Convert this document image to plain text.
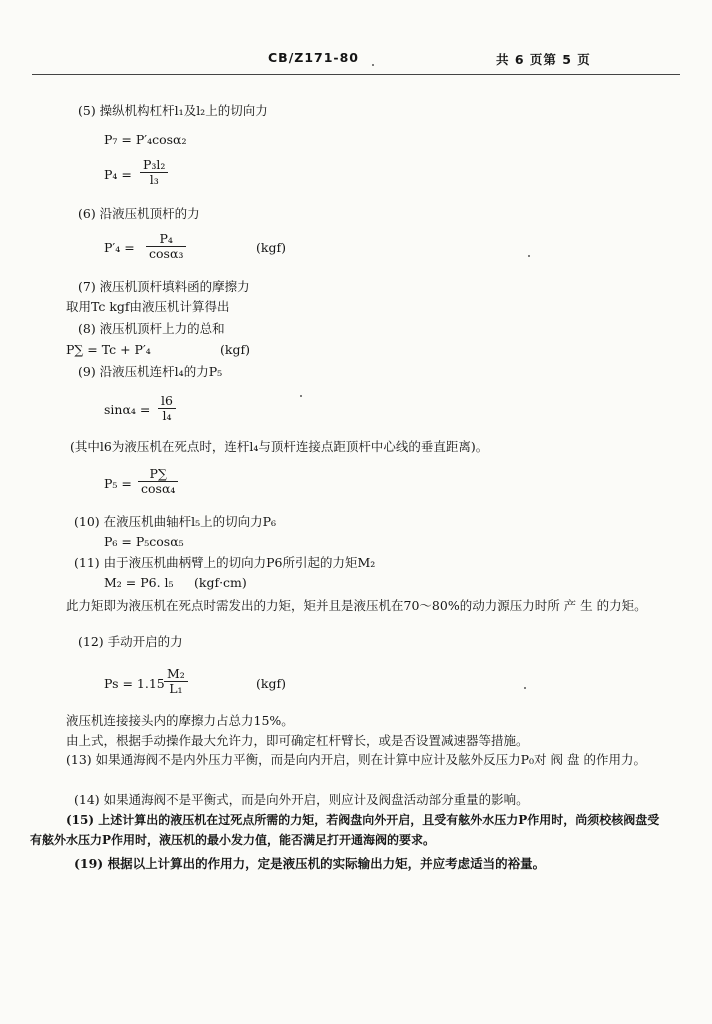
CB/Z171-80	共 6 页第 5 页
(5) 操纵机构杠杆l₁及l₂上的切向力
P₇ = P′₄cosα₂
$P_4 = \frac{\text{P₃l₂}}{\text{l₃}}$
(6) 沿液压机顶杆的力
$P'_4 = \frac{\text{P₄}}{\text{cosα₃}}$	(kgf)
(7) 液压机顶杆填料函的摩擦力
取用Tc kgf由液压机计算得出
(8) 液压机顶杆上力的总和
P∑ = Tc + P′₄	(kgf)
(9) 沿液压机连杆l₄的力P₅
$\sin\alpha_4 = \frac{l6}{\text{l₄}}$
(其中l6为液压机在死点时，连杆l₄与顶杆连接点距顶杆中心线的垂直距离)。
$P_5 = \frac{P\sum}{\text{cosα₄}}$
(10) 在液压机曲轴杆l₅上的切向力P₆
P₆ = P₅cosα₅
(11) 由于液压机曲柄臂上的切向力P6所引起的力矩M₂
M₂ = P6. l₅ (kgf·cm)
此力矩即为液压机在死点时需发出的力矩，矩并且是液压机在70～80%的动力源压力时所 产 生 的力矩。
(12) 手动开启的力
$Ps = 1.15 \frac{\text{M₂}}{\text{L₁}}$	(kgf)
液压机连接接头内的摩擦力占总力15%。
由上式，根据手动操作最大允许力，即可确定杠杆臂长，或是否设置减速器等措施。
(13) 如果通海阀不是内外压力平衡，而是向内开启，则在计算中应计及舷外反压力P₀对 阀 盘 的作用力。
(14) 如果通海阀不是平衡式，而是向外开启，则应计及阀盘活动部分重量的影响。
(15) 上述计算出的液压机在过死点所需的力矩，若阀盘向外开启，且受有舷外水压力P作用时，尚须校核阀盘受有舷外水压力P作用时，液压机的最小发力值，能否满足打开通海阀的要求。
(19) 根据以上计算出的作用力，定是液压机的实际输出力矩，并应考虑适当的裕量。
